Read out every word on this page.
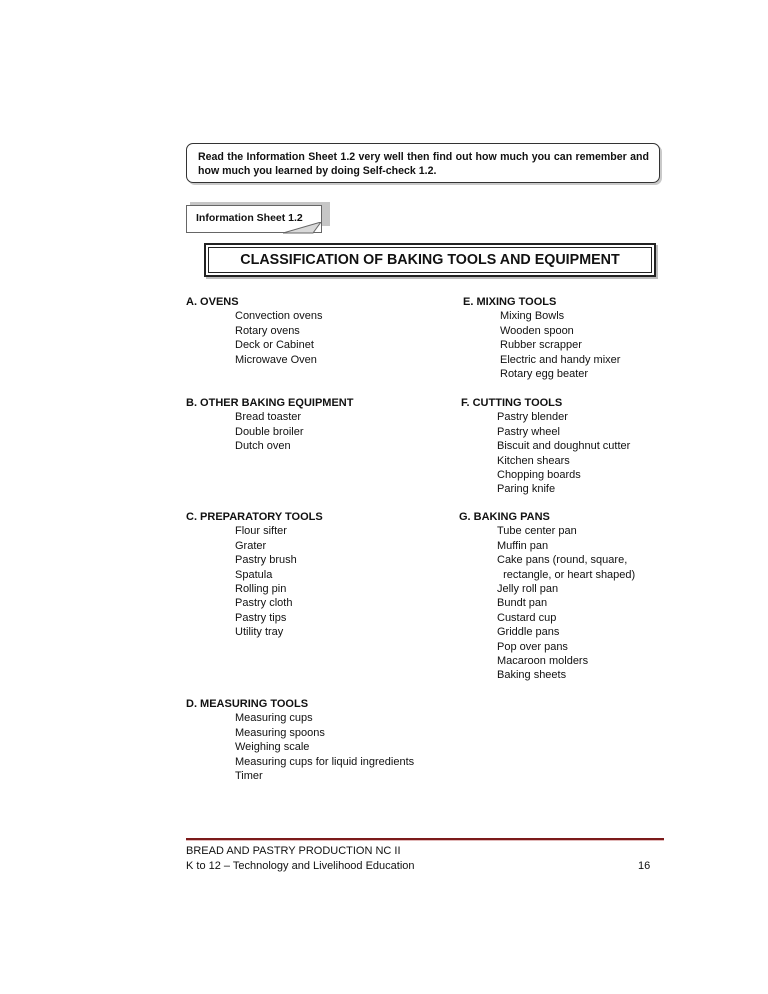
Read the Information Sheet 1.2 very well then find out how much you can remember and how much you learned by doing Self-check 1.2.
Information Sheet 1.2
CLASSIFICATION OF BAKING TOOLS AND EQUIPMENT
A. OVENS
Convection ovens
Rotary ovens
Deck or Cabinet
Microwave Oven
B. OTHER BAKING EQUIPMENT
Bread toaster
Double broiler
Dutch oven
C. PREPARATORY TOOLS
Flour sifter
Grater
Pastry brush
Spatula
Rolling pin
Pastry cloth
Pastry tips
Utility tray
D. MEASURING TOOLS
Measuring cups
Measuring spoons
Weighing scale
Measuring cups for liquid ingredients
Timer
E. MIXING TOOLS
Mixing Bowls
Wooden spoon
Rubber scrapper
Electric and handy mixer
Rotary egg beater
F. CUTTING TOOLS
Pastry blender
Pastry wheel
Biscuit and doughnut cutter
Kitchen shears
Chopping boards
Paring knife
G. BAKING PANS
Tube center pan
Muffin pan
Cake pans (round, square,
rectangle, or heart shaped)
Jelly roll pan
Bundt pan
Custard cup
Griddle pans
Pop over pans
Macaroon molders
Baking sheets
BREAD AND PASTRY PRODUCTION NC II
K to 12 – Technology and Livelihood Education	16
